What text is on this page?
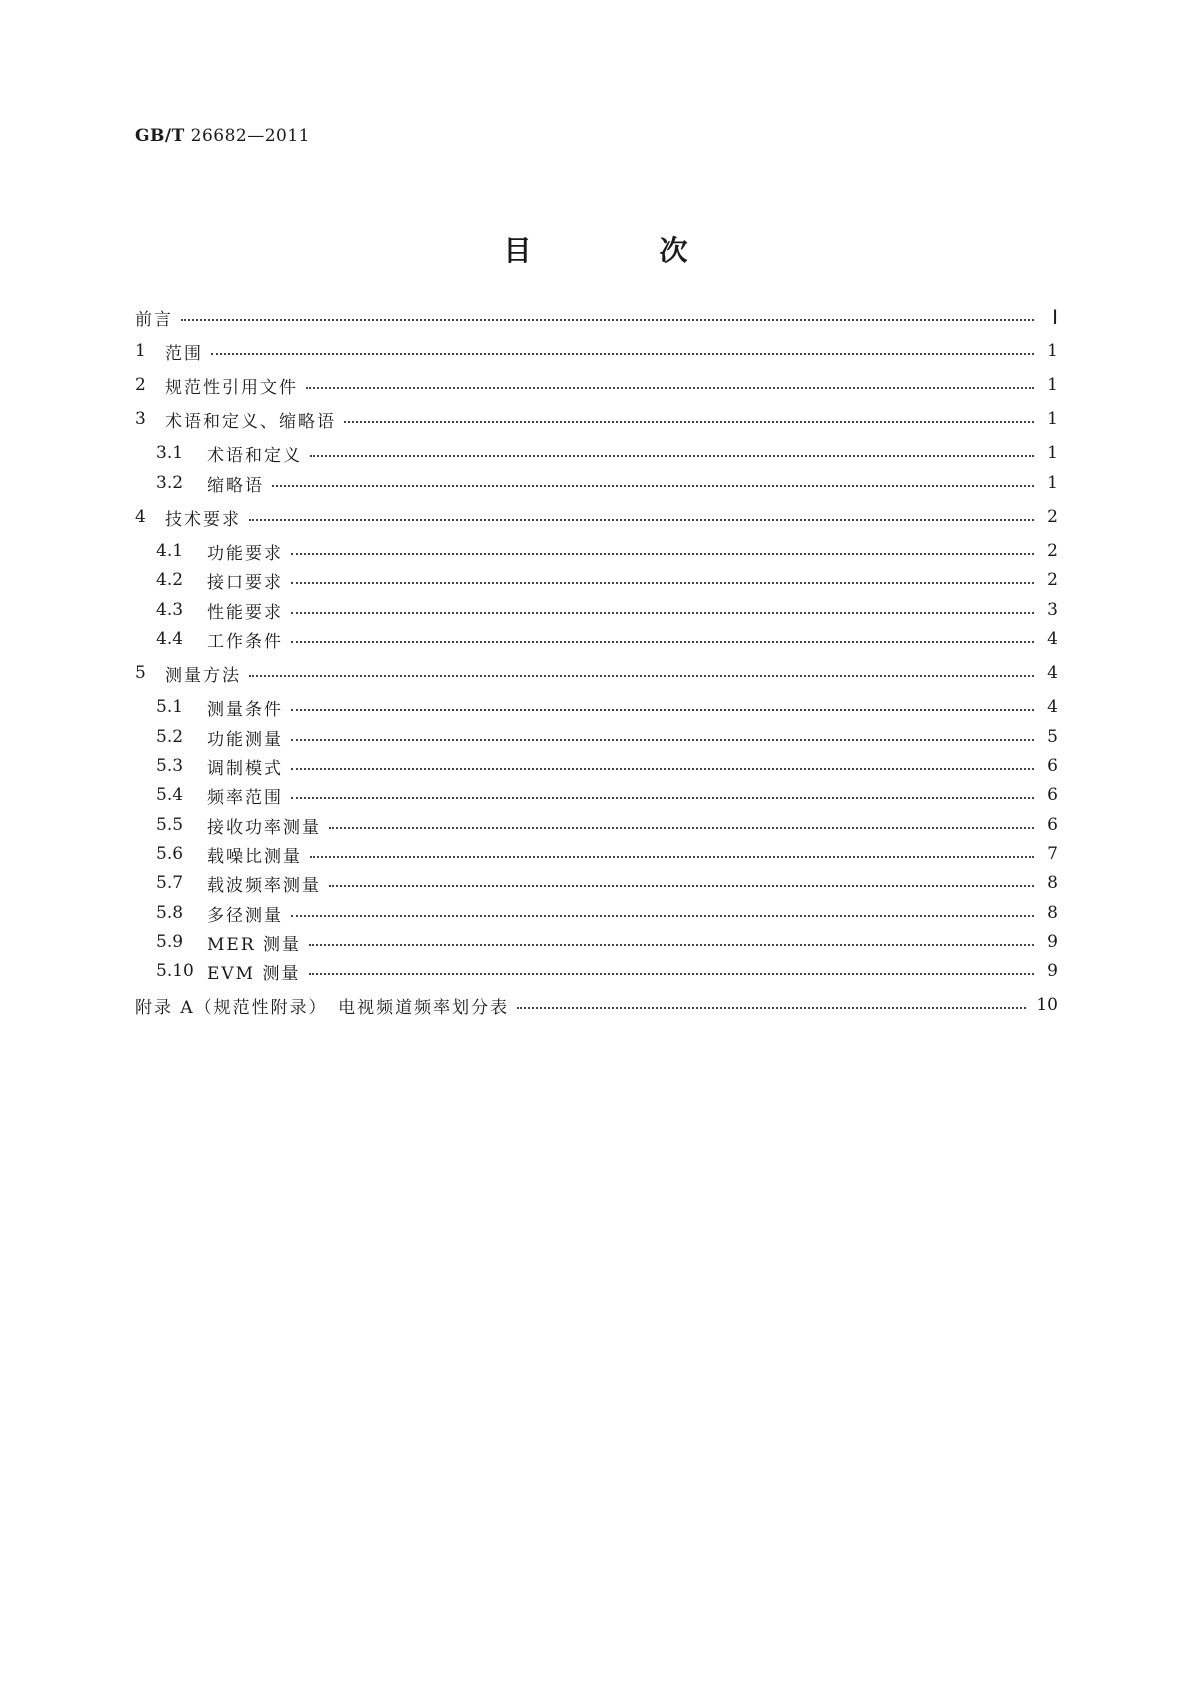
GB/T 26682—2011
目　次
前言	Ⅰ
1	范围	1
2	规范性引用文件	1
3	术语和定义、缩略语	1
3.1	术语和定义	1
3.2	缩略语	1
4	技术要求	2
4.1	功能要求	2
4.2	接口要求	2
4.3	性能要求	3
4.4	工作条件	4
5	测量方法	4
5.1	测量条件	4
5.2	功能测量	5
5.3	调制模式	6
5.4	频率范围	6
5.5	接收功率测量	6
5.6	载噪比测量	7
5.7	载波频率测量	8
5.8	多径测量	8
5.9	MER 测量	9
5.10 EVM 测量	9
附录 A（规范性附录）　电视频道频率划分表	10
